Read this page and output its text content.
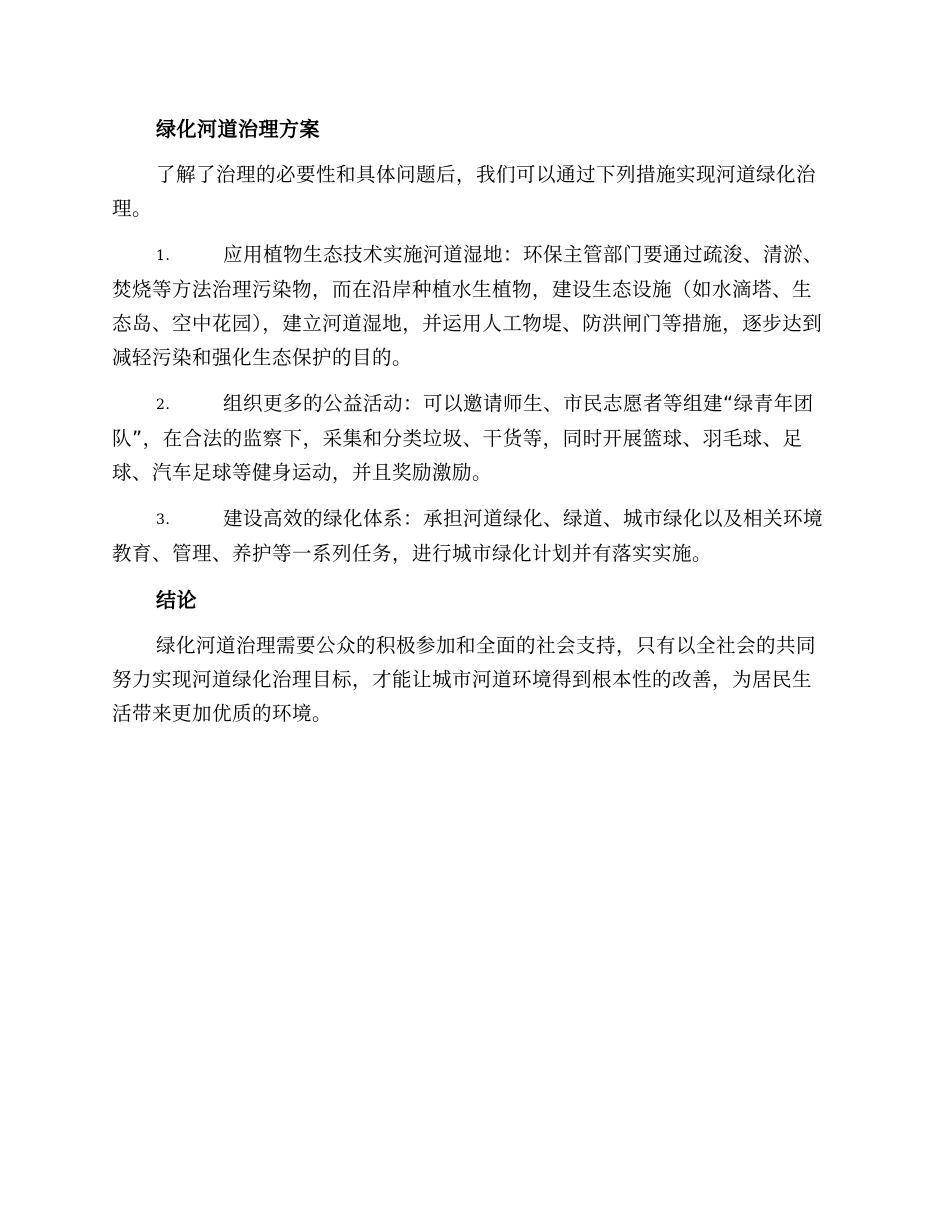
绿化河道治理方案

了解了治理的必要性和具体问题后，我们可以通过下列措施实现河道绿化治理。

1.	应用植物生态技术实施河道湿地：环保主管部门要通过疏浚、清淤、焚烧等方法治理污染物，而在沿岸种植水生植物，建设生态设施（如水滴塔、生态岛、空中花园），建立河道湿地，并运用人工物堤、防洪闸门等措施，逐步达到减轻污染和强化生态保护的目的。

2.	组织更多的公益活动：可以邀请师生、市民志愿者等组建“绿青年团队”，在合法的监察下，采集和分类垃圾、干货等，同时开展篮球、羽毛球、足球、汽车足球等健身运动，并且奖励激励。

3.	建设高效的绿化体系：承担河道绿化、绿道、城市绿化以及相关环境教育、管理、养护等一系列任务，进行城市绿化计划并有落实实施。

结论

绿化河道治理需要公众的积极参加和全面的社会支持，只有以全社会的共同努力实现河道绿化治理目标，才能让城市河道环境得到根本性的改善，为居民生活带来更加优质的环境。
